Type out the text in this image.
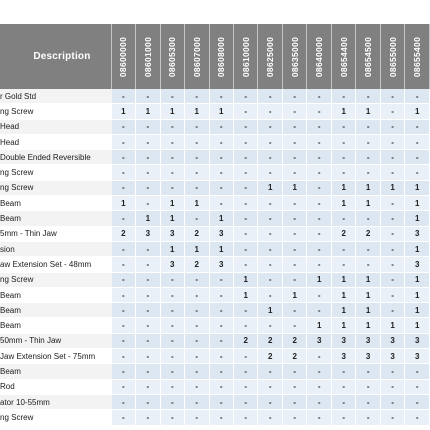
Description	08600000	08601000	08605300	08607000	08608000	08610000	08625000	08635000	08640000	08654400	08654500	08655000	08655400

r Gold Std	-	-	-	-	-	-	-	-	-	-	-	-	-
ng Screw	1	1	1	1	1	-	-	-	-	1	1	-	1
Head	-	-	-	-	-	-	-	-	-	-	-	-	-
Head	-	-	-	-	-	-	-	-	-	-	-	-	-
Double Ended Reversible	-	-	-	-	-	-	-	-	-	-	-	-	-
ng Screw	-	-	-	-	-	-	-	-	-	-	-	-	-
ng Screw	-	-	-	-	-	-	1	1	-	1	1	1	1
Beam	1	-	1	1	-	-	-	-	-	1	1	-	1
Beam	-	1	1	-	1	-	-	-	-	-	-	-	1
5mm - Thin Jaw	2	3	3	2	3	-	-	-	-	2	2	-	3
sion	-	-	1	1	1	-	-	-	-	-	-	-	1
aw Extension Set - 48mm	-	-	3	2	3	-	-	-	-	-	-	-	3
ng Screw	-	-	-	-	-	1	-	-	1	1	1	-	1
Beam	-	-	-	-	-	1	-	1	-	1	1	-	1
Beam	-	-	-	-	-	-	1	-	-	1	1	-	1
Beam	-	-	-	-	-	-	-	-	1	1	1	1	1
50mm - Thin Jaw	-	-	-	-	-	2	2	2	3	3	3	3	3
Jaw Extension Set - 75mm	-	-	-	-	-	-	2	2	-	3	3	3	3
Beam	-	-	-	-	-	-	-	-	-	-	-	-	-
Rod	-	-	-	-	-	-	-	-	-	-	-	-	-
ator 10-55mm	-	-	-	-	-	-	-	-	-	-	-	-	-
ng Screw	-	-	-	-	-	-	-	-	-	-	-	-	-
